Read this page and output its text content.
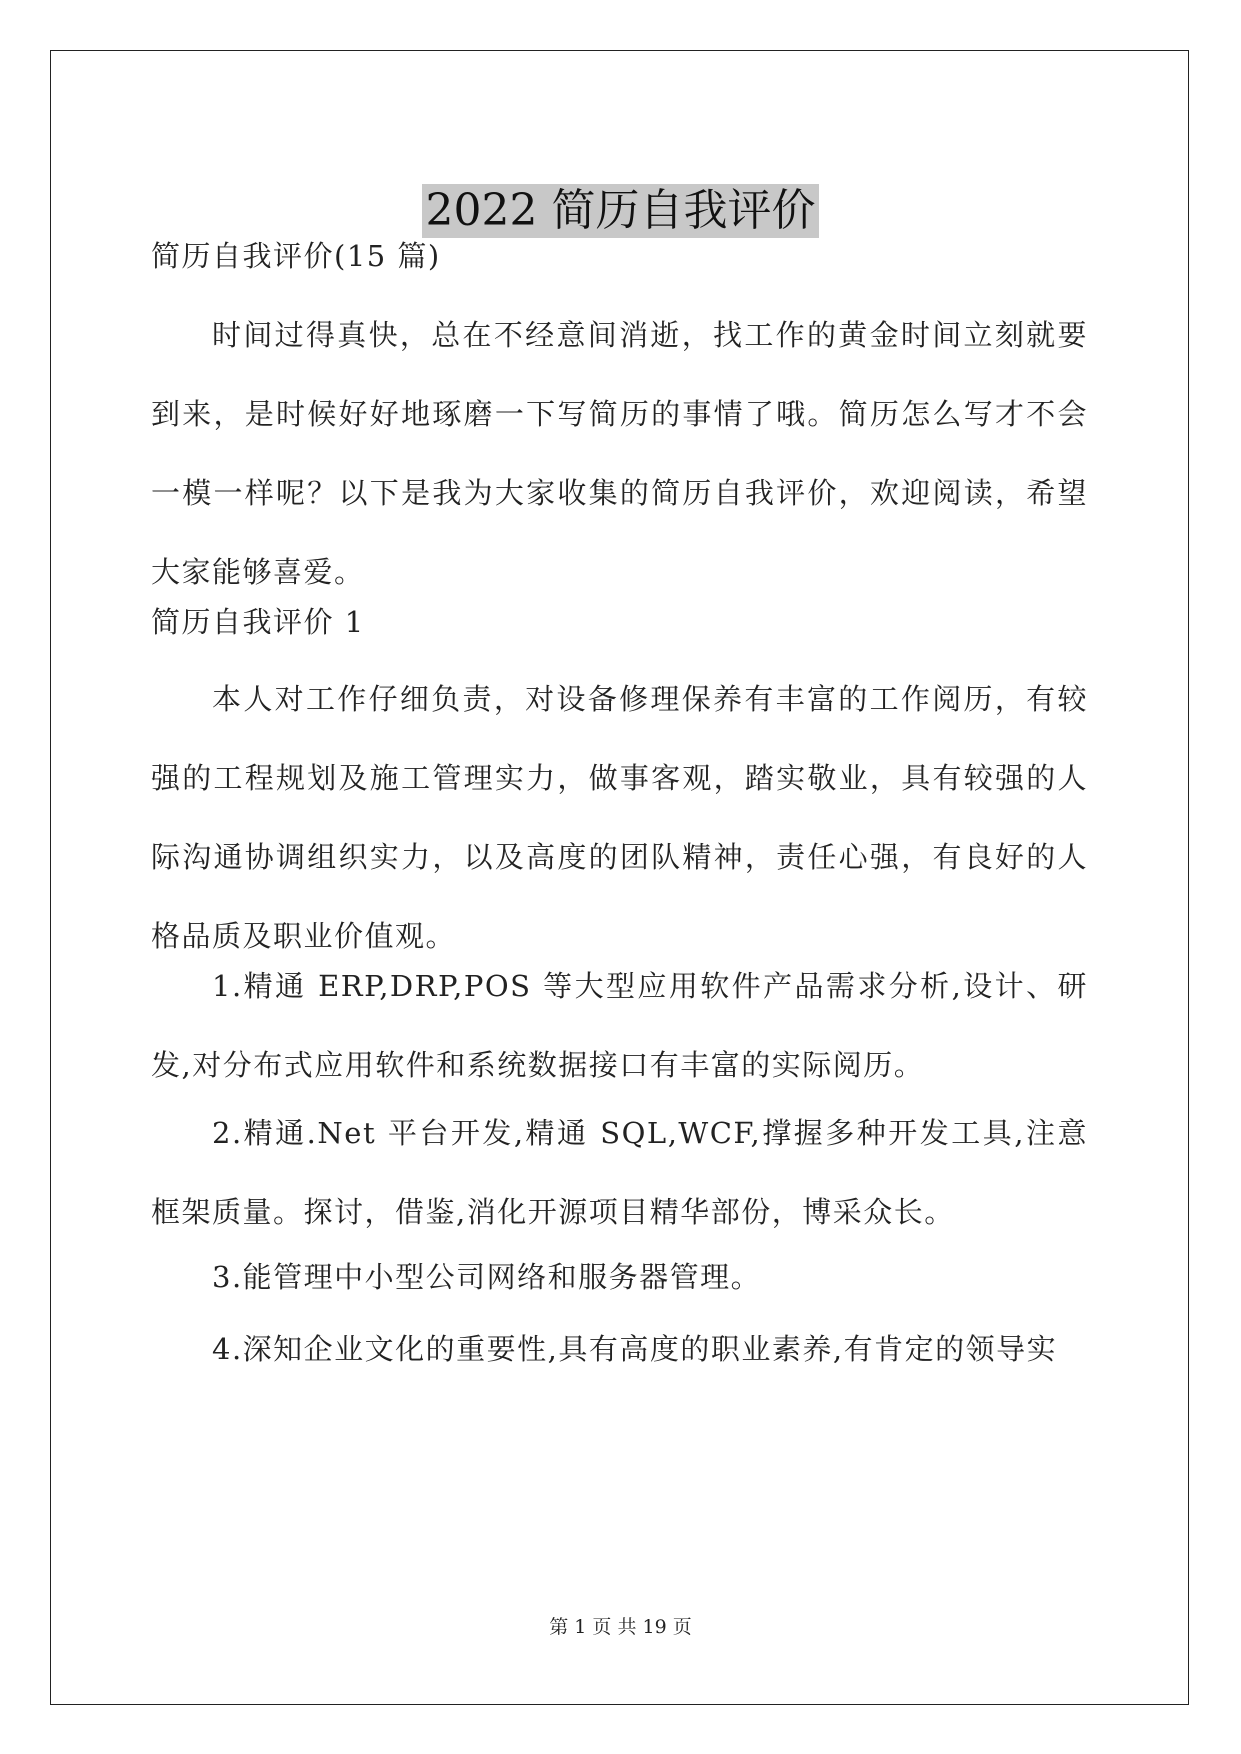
2022 简历自我评价

简历自我评价(15 篇)

时间过得真快，总在不经意间消逝，找工作的黄金时间立刻就要到来，是时候好好地琢磨一下写简历的事情了哦。简历怎么写才不会一模一样呢？以下是我为大家收集的简历自我评价，欢迎阅读，希望大家能够喜爱。

简历自我评价 1

本人对工作仔细负责，对设备修理保养有丰富的工作阅历，有较强的工程规划及施工管理实力，做事客观，踏实敬业，具有较强的人际沟通协调组织实力，以及高度的团队精神，责任心强，有良好的人格品质及职业价值观。

1.精通 ERP,DRP,POS 等大型应用软件产品需求分析,设计、研发,对分布式应用软件和系统数据接口有丰富的实际阅历。

2.精通.Net 平台开发,精通 SQL,WCF,撑握多种开发工具,注意框架质量。探讨，借鉴,消化开源项目精华部份，博采众长。

3.能管理中小型公司网络和服务器管理。

4.深知企业文化的重要性,具有高度的职业素养,有肯定的领导实

第 1 页 共 19 页
